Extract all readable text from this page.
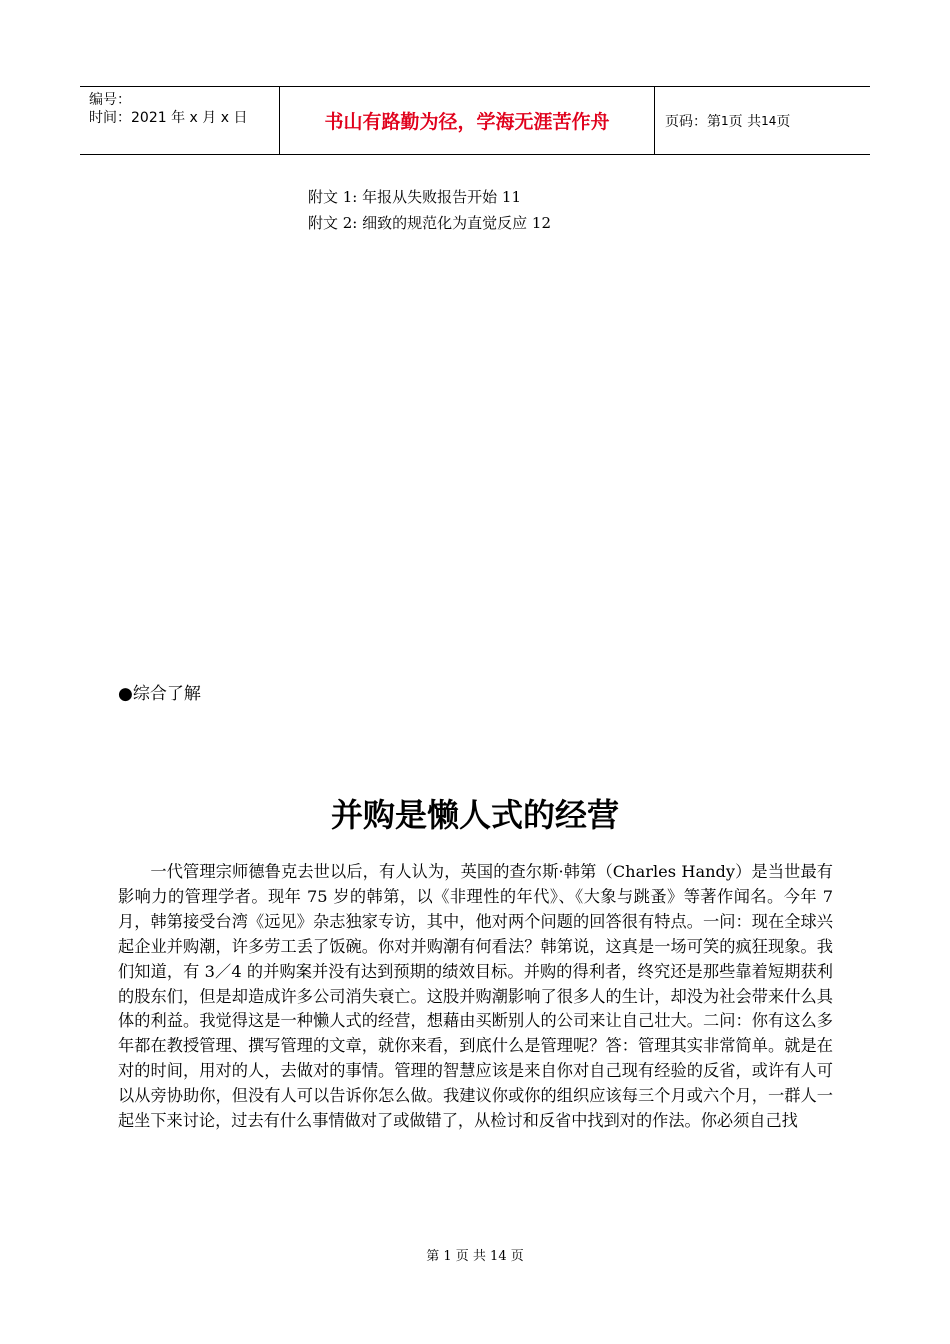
编号：
时间：2021 年 x 月 x 日	书山有路勤为径，学海无涯苦作舟	页码：第 1 页 共 14 页
附文 1: 年报从失败报告开始 11
附文 2: 细致的规范化为直觉反应 12
●综合了解
并购是懒人式的经营
一代管理宗师德鲁克去世以后，有人认为，英国的查尔斯·韩第（Charles Handy）是当世最有影响力的管理学者。现年 75 岁的韩第，以《非理性的年代》、《大象与跳蚤》等著作闻名。今年 7 月，韩第接受台湾《远见》杂志独家专访，其中，他对两个问题的回答很有特点。一问：现在全球兴起企业并购潮，许多劳工丢了饭碗。你对并购潮有何看法？韩第说，这真是一场可笑的疯狂现象。我们知道，有 3／4 的并购案并没有达到预期的绩效目标。并购的得利者，终究还是那些靠着短期获利的股东们，但是却造成许多公司消失衰亡。这股并购潮影响了很多人的生计，却没为社会带来什么具体的利益。我觉得这是一种懒人式的经营，想藉由买断别人的公司来让自己壮大。二问：你有这么多年都在教授管理、撰写管理的文章，就你来看，到底什么是管理呢？答：管理其实非常简单。就是在对的时间，用对的人，去做对的事情。管理的智慧应该是来自你对自己现有经验的反省，或许有人可以从旁协助你，但没有人可以告诉你怎么做。我建议你或你的组织应该每三个月或六个月，一群人一起坐下来讨论，过去有什么事情做对了或做错了，从检讨和反省中找到对的作法。你必须自己找
第 1 页 共 14 页
